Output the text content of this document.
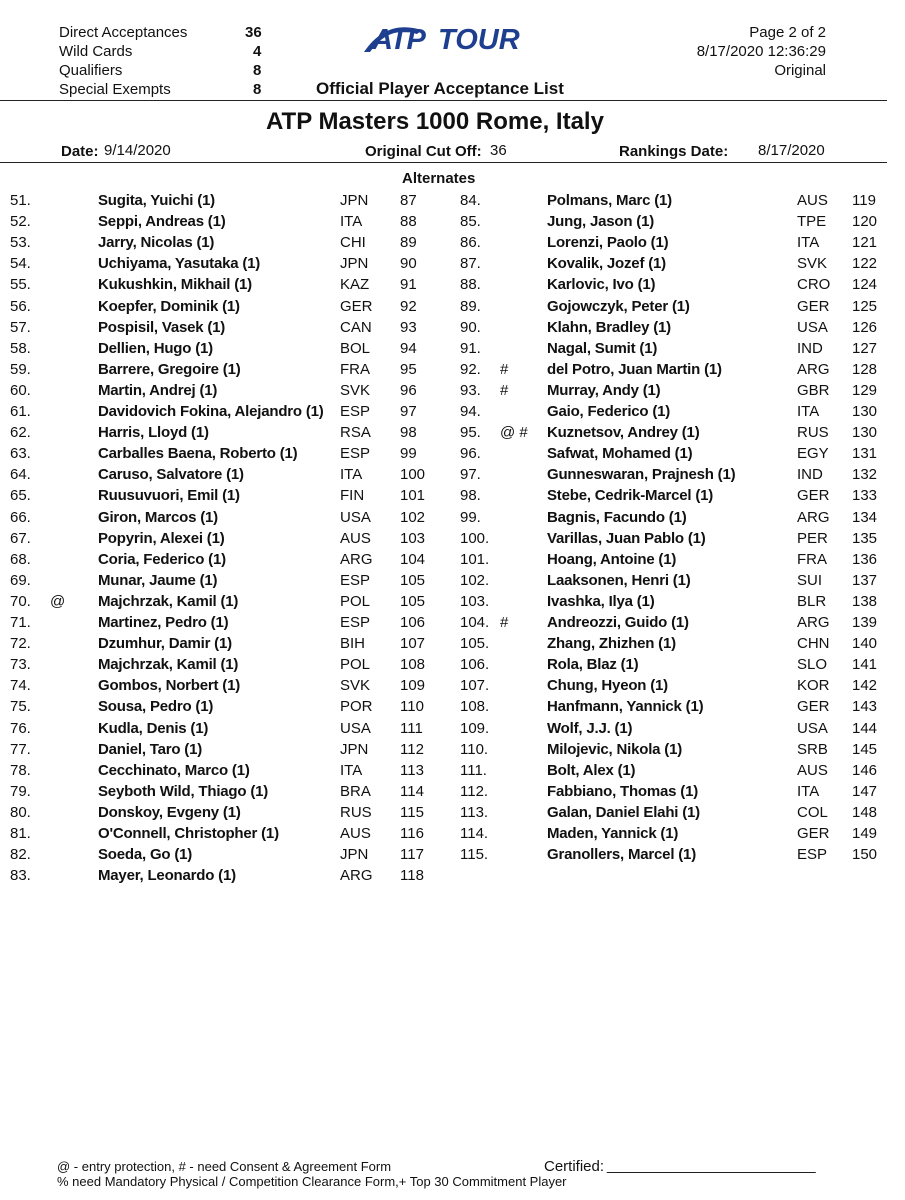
Direct Acceptances	36
Wild Cards	4
Qualifiers	8
Special Exempts	8
ATP TOUR	Page 2 of 2
8/17/2020 12:36:29
Original
Official Player Acceptance List
ATP Masters 1000 Rome, Italy
Date: 9/14/2020	Original Cut Off: 36	Rankings Date: 8/17/2020
Alternates
51.	Sugita, Yuichi (1)	JPN 87
52.	Seppi, Andreas (1)	ITA	88
53.	Jarry, Nicolas (1)	CHI 89
54.	Uchiyama, Yasutaka (1)	JPN 90
55.	Kukushkin, Mikhail (1)	KAZ 91
56.	Koepfer, Dominik (1)	GER 92
57.	Pospisil, Vasek (1)	CAN 93
58.	Dellien, Hugo (1)	BOL 94
59.	Barrere, Gregoire (1)	FRA 95
60.	Martin, Andrej (1)	SVK 96
61.	Davidovich Fokina, Alejandro (1) ESP 97
62.	Harris, Lloyd (1)	RSA 98
63.	Carballes Baena, Roberto (1)	ESP 99
64.	Caruso, Salvatore (1)	ITA	100
65.	Ruusuvuori, Emil (1)	FIN 101
66.	Giron, Marcos (1)	USA 102
67.	Popyrin, Alexei (1)	AUS 103
68.	Coria, Federico (1)	ARG 104
69.	Munar, Jaume (1)	ESP 105
70. @ Majchrzak, Kamil (1)	POL 105
71.	Martinez, Pedro (1)	ESP 106
72.	Dzumhur, Damir (1)	BIH 107
73.	Majchrzak, Kamil (1)	POL 108
74.	Gombos, Norbert (1)	SVK 109
75.	Sousa, Pedro (1)	POR 110
76.	Kudla, Denis (1)	USA 111
77.	Daniel, Taro (1)	JPN 112
78.	Cecchinato, Marco (1)	ITA	113
79.	Seyboth Wild, Thiago (1)	BRA 114
80.	Donskoy, Evgeny (1)	RUS 115
81.	O'Connell, Christopher (1)	AUS 116
82.	Soeda, Go (1)	JPN 117
83.	Mayer, Leonardo (1)	ARG 118
84.	Polmans, Marc (1)	AUS 119
85.	Jung, Jason (1)	TPE 120
86.	Lorenzi, Paolo (1)	ITA 121
87.	Kovalik, Jozef (1)	SVK 122
88.	Karlovic, Ivo (1)	CRO 124
89.	Gojowczyk, Peter (1)	GER 125
90.	Klahn, Bradley (1)	USA 126
91.	Nagal, Sumit (1)	IND 127
92. #	del Potro, Juan Martin (1)	ARG 128
93. #	Murray, Andy (1)	GBR 129
94.	Gaio, Federico (1)	ITA 130
95. @ # Kuznetsov, Andrey (1)	RUS 130
96.	Safwat, Mohamed (1)	EGY 131
97.	Gunneswaran, Prajnesh (1)	IND 132
98.	Stebe, Cedrik-Marcel (1)	GER 133
99.	Bagnis, Facundo (1)	ARG 134
100.	Varillas, Juan Pablo (1)	PER 135
101.	Hoang, Antoine (1)	FRA 136
102.	Laaksonen, Henri (1)	SUI 137
103.	Ivashka, Ilya (1)	BLR 138
104. #	Andreozzi, Guido (1)	ARG 139
105.	Zhang, Zhizhen (1)	CHN 140
106.	Rola, Blaz (1)	SLO 141
107.	Chung, Hyeon (1)	KOR 142
108.	Hanfmann, Yannick (1)	GER 143
109.	Wolf, J.J. (1)	USA 144
110.	Milojevic, Nikola (1)	SRB 145
111.	Bolt, Alex (1)	AUS 146
112.	Fabbiano, Thomas (1)	ITA 147
113.	Galan, Daniel Elahi (1)	COL 148
114.	Maden, Yannick (1)	GER 149
115.	Granollers, Marcel (1)	ESP 150
@ - entry protection, # - need Consent & Agreement Form
% need Mandatory Physical / Competition Clearance Form,+ Top 30 Commitment Player
Certified: _________________________
